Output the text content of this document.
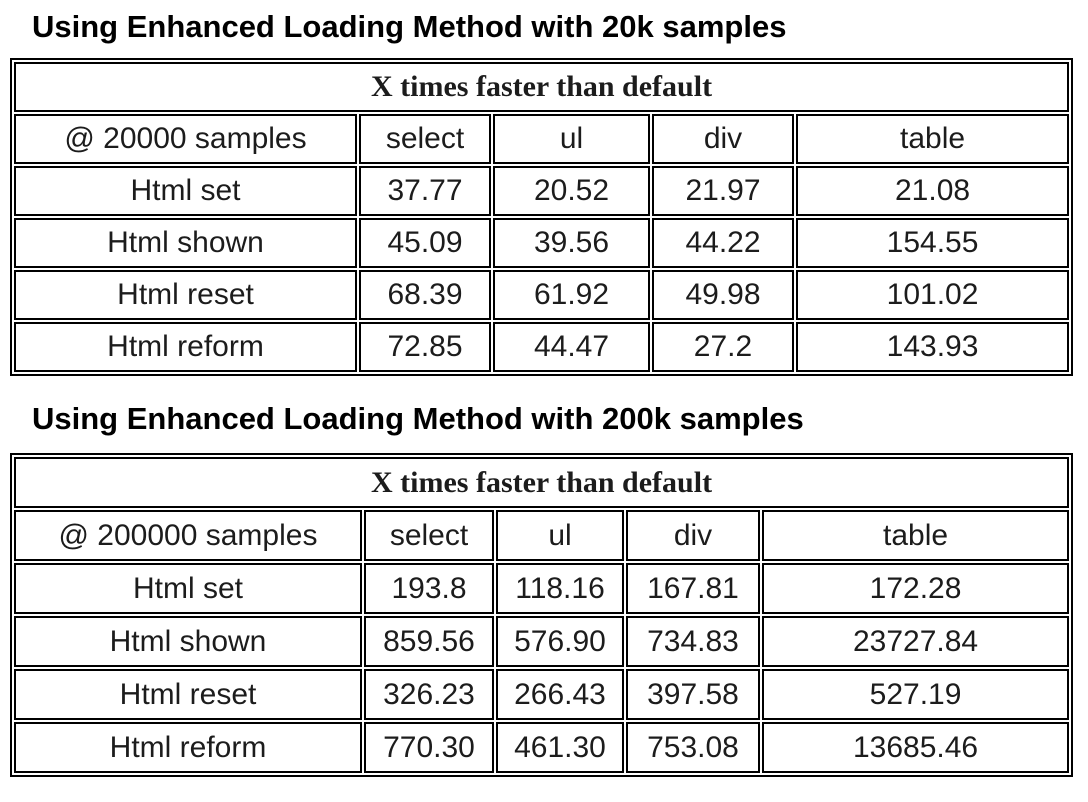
Using Enhanced Loading Method with 20k samples
X times faster than default				
@ 20000 samples	select	ul	div	table
Html set	37.77	20.52	21.97	21.08
Html shown	45.09	39.56	44.22	154.55
Html reset	68.39	61.92	49.98	101.02
Html reform	72.85	44.47	27.2	143.93
Using Enhanced Loading Method with 200k samples
X times faster than default				
@ 200000 samples	select	ul	div	table
Html set	193.8	118.16	167.81	172.28
Html shown	859.56	576.90	734.83	23727.84
Html reset	326.23	266.43	397.58	527.19
Html reform	770.30	461.30	753.08	13685.46
